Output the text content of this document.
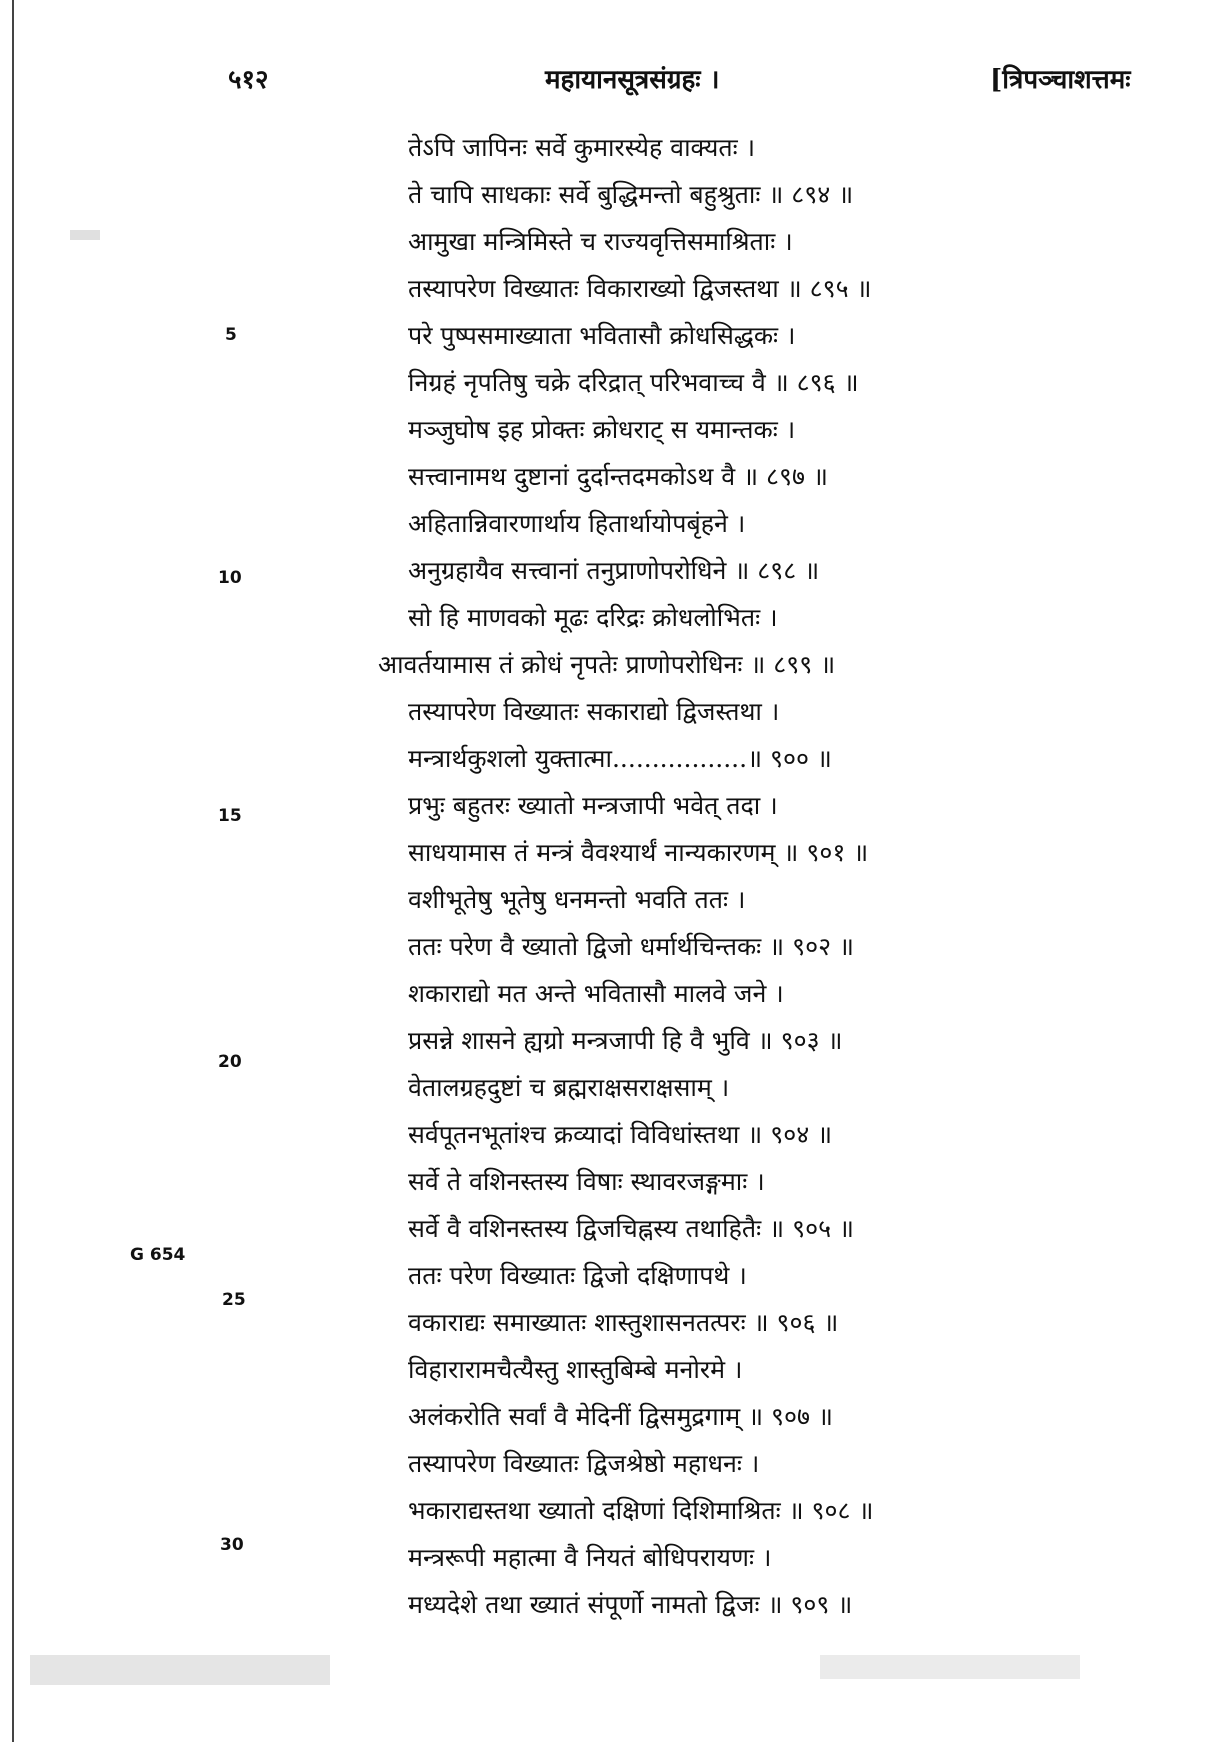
५१२	महायानसूत्रसंग्रहः ।	[त्रिपञ्चाशत्तमः
तेऽपि जापिनः सर्वे कुमारस्येह वाक्यतः ।
ते चापि साधकाः सर्वे बुद्धिमन्तो बहुश्रुताः ॥ ८९४ ॥
आमुखा मन्त्रिमिस्ते च राज्यवृत्तिसमाश्रिताः ।
तस्यापरेण विख्यातः विकाराख्यो द्विजस्तथा ॥ ८९५ ॥
परे पुष्पसमाख्याता भवितासौ क्रोधसिद्धकः ।
निग्रहं नृपतिषु चक्रे दरिद्रात् परिभवाच्च वै ॥ ८९६ ॥
मञ्जुघोष इह प्रोक्तः क्रोधराट् स यमान्तकः ।
सत्त्वानामथ दुष्टानां दुर्दान्तदमकोऽथ वै ॥ ८९७ ॥
अहितान्निवारणार्थाय हितार्थायोपबृंहने ।
अनुग्रहायैव सत्त्वानां तनुप्राणोपरोधिने ॥ ८९८ ॥
सो हि माणवको मूढः दरिद्रः क्रोधलोभितः ।
आवर्तयामास तं क्रोधं नृपतेः प्राणोपरोधिनः ॥ ८९९ ॥
तस्यापरेण विख्यातः सकाराद्यो द्विजस्तथा ।
मन्त्रार्थकुशलो युक्तात्मा.................॥ ९०० ॥
प्रभुः बहुतरः ख्यातो मन्त्रजापी भवेत् तदा ।
साधयामास तं मन्त्रं वैवश्यार्थं नान्यकारणम् ॥ ९०१ ॥
वशीभूतेषु भूतेषु धनमन्तो भवति ततः ।
ततः परेण वै ख्यातो द्विजो धर्मार्थचिन्तकः ॥ ९०२ ॥
शकाराद्यो मत अन्ते भवितासौ मालवे जने ।
प्रसन्ने शासने ह्यग्रो मन्त्रजापी हि वै भुवि ॥ ९०३ ॥
वेतालग्रहदुष्टां च ब्रह्मराक्षसराक्षसाम् ।
सर्वपूतनभूतांश्च क्रव्यादां विविधांस्तथा ॥ ९०४ ॥
सर्वे ते वशिनस्तस्य विषाः स्थावरजङ्गमाः ।
सर्वे वै वशिनस्तस्य द्विजचिह्नस्य तथाहितैः ॥ ९०५ ॥
ततः परेण विख्यातः द्विजो दक्षिणापथे ।
वकाराद्यः समाख्यातः शास्तुशासनतत्परः ॥ ९०६ ॥
विहारारामचैत्यैस्तु शास्तुबिम्बे मनोरमे ।
अलंकरोति सर्वां वै मेदिनीं द्विसमुद्रगाम् ॥ ९०७ ॥
तस्यापरेण विख्यातः द्विजश्रेष्ठो महाधनः ।
भकाराद्यस्तथा ख्यातो दक्षिणां दिशिमाश्रितः ॥ ९०८ ॥
मन्त्ररूपी महात्मा वै नियतं बोधिपरायणः ।
मध्यदेशे तथा ख्यातं संपूर्णो नामतो द्विजः ॥ ९०९ ॥
5
10
15
20
G 654
25
30
